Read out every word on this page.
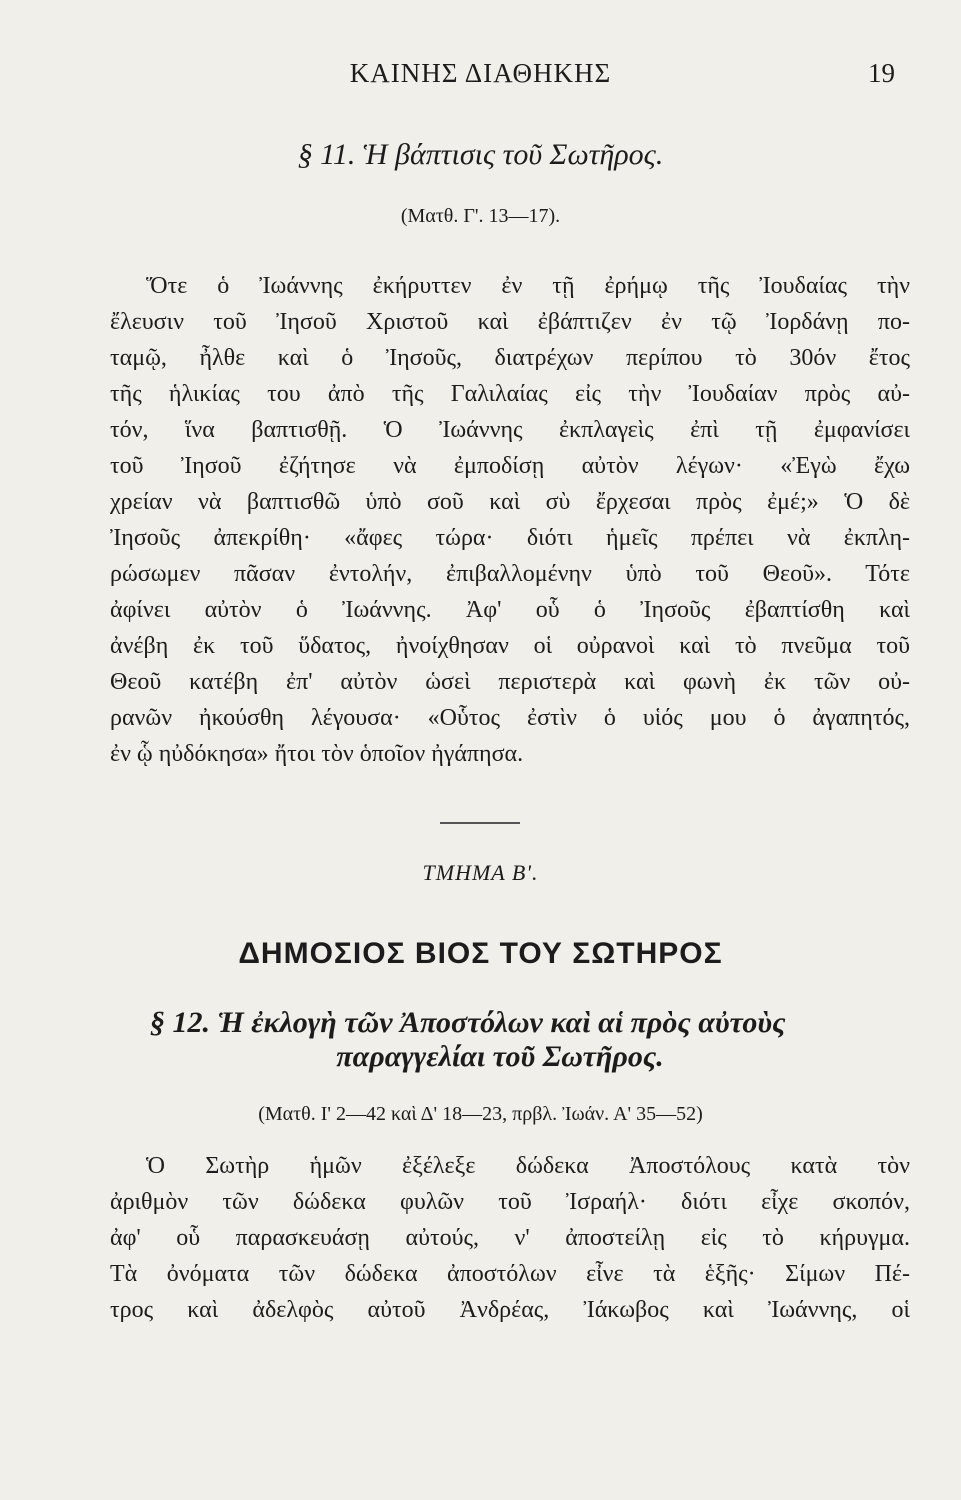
ΚΑΙΝΗΣ ΔΙΑΘΗΚΗΣ	19
§ 11. Ἡ βάπτισις τοῦ Σωτῆρος.
(Ματθ. Γ'. 13—17).
Ὅτε ὁ Ἰωάννης ἐκήρυττεν ἐν τῇ ἐρήμῳ τῆς Ἰουδαίας τὴν
ἔλευσιν τοῦ Ἰησοῦ Χριστοῦ καὶ ἐβάπτιζεν ἐν τῷ Ἰορδάνῃ πο-
ταμῷ, ἦλθε καὶ ὁ Ἰησοῦς, διατρέχων περίπου τὸ 30όν ἔτος
τῆς ἡλικίας του ἀπὸ τῆς Γαλιλαίας εἰς τὴν Ἰουδαίαν πρὸς αὐ-
τόν, ἵνα βαπτισθῇ. Ὁ Ἰωάννης ἐκπλαγεὶς ἐπὶ τῇ ἐμφανίσει
τοῦ Ἰησοῦ ἐζήτησε νὰ ἐμποδίσῃ αὐτὸν λέγων· «Ἐγὼ ἔχω
χρείαν νὰ βαπτισθῶ ὑπὸ σοῦ καὶ σὺ ἔρχεσαι πρὸς ἐμέ;» Ὁ δὲ
Ἰησοῦς ἀπεκρίθη· «ἄφες τώρα· διότι ἡμεῖς πρέπει νὰ ἐκπλη-
ρώσωμεν πᾶσαν ἐντολήν, ἐπιβαλλομένην ὑπὸ τοῦ Θεοῦ». Τότε
ἀφίνει αὐτὸν ὁ Ἰωάννης. Ἀφ' οὗ ὁ Ἰησοῦς ἐβαπτίσθη καὶ
ἀνέβη ἐκ τοῦ ὕδατος, ἠνοίχθησαν οἱ οὐρανοὶ καὶ τὸ πνεῦμα τοῦ
Θεοῦ κατέβη ἐπ' αὐτὸν ὡσεὶ περιστερὰ καὶ φωνὴ ἐκ τῶν οὐ-
ρανῶν ἠκούσθη λέγουσα· «Οὗτος ἐστὶν ὁ υἱός μου ὁ ἀγαπητός,
ἐν ᾧ ηὐδόκησα» ἤτοι τὸν ὁποῖον ἠγάπησα.
ΤΜΗΜΑ Β'.
ΔΗΜΟΣΙΟΣ ΒΙΟΣ ΤΟΥ ΣΩΤΗΡΟΣ
§ 12. Ἡ ἐκλογὴ τῶν Ἀποστόλων καὶ αἱ πρὸς αὐτοὺς
παραγγελίαι τοῦ Σωτῆρος.
(Ματθ. Ι' 2—42 καὶ Δ' 18—23, πρβλ. Ἰωάν. Α' 35—52)
Ὁ Σωτὴρ ἡμῶν ἐξέλεξε δώδεκα Ἀποστόλους κατὰ τὸν
ἀριθμὸν τῶν δώδεκα φυλῶν τοῦ Ἰσραήλ· διότι εἶχε σκοπόν,
ἀφ' οὗ παρασκευάσῃ αὐτούς, ν' ἀποστείλῃ εἰς τὸ κήρυγμα.
Τὰ ὀνόματα τῶν δώδεκα ἀποστόλων εἶνε τὰ ἑξῆς· Σίμων Πέ-
τρος καὶ ἀδελφὸς αὐτοῦ Ἀνδρέας, Ἰάκωβος καὶ Ἰωάννης, οἱ
